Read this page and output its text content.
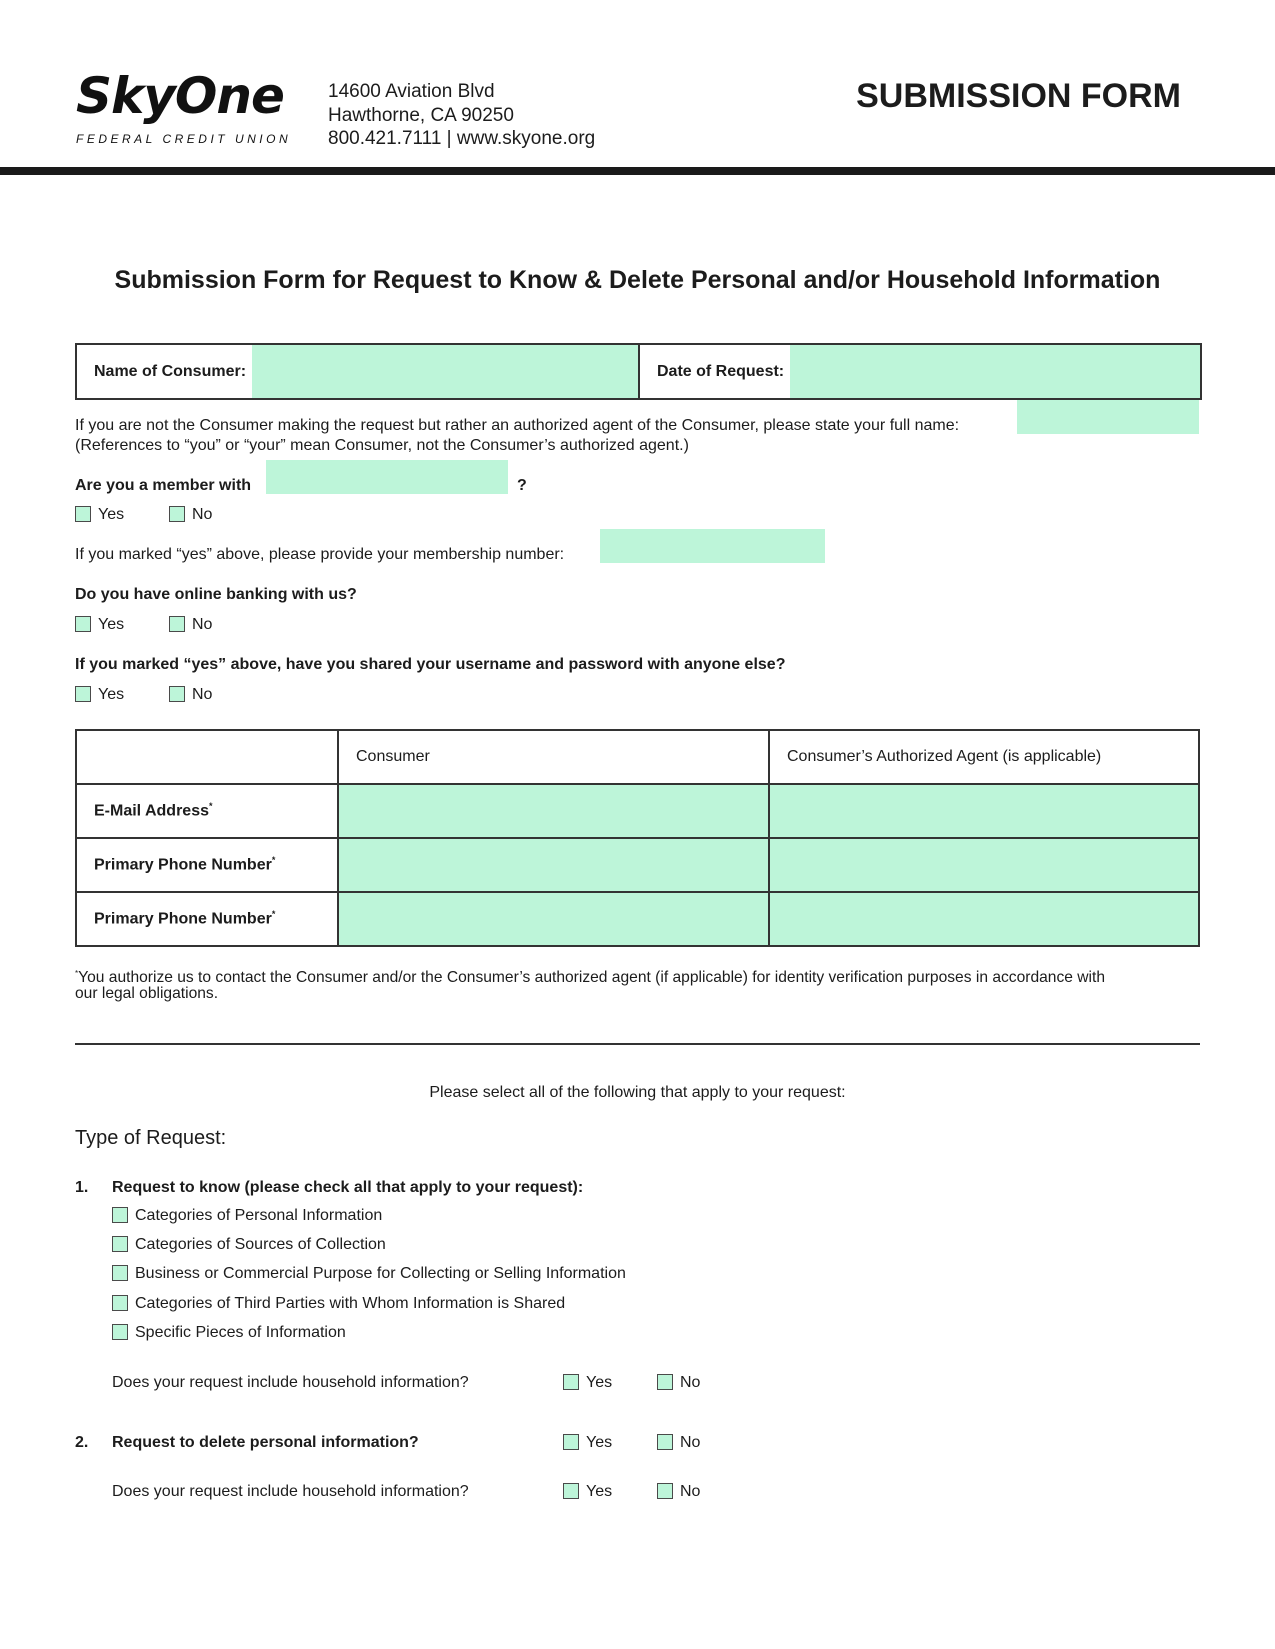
SkyOne
FEDERAL CREDIT UNION
14600 Aviation Blvd
Hawthorne, CA 90250
800.421.7111 | www.skyone.org
SUBMISSION FORM
Submission Form for Request to Know & Delete Personal and/or Household Information
Name of Consumer:	Date of Request:
If you are not the Consumer making the request but rather an authorized agent of the Consumer, please state your full name:
(References to “you” or “your” mean Consumer, not the Consumer’s authorized agent.)
Are you a member with	?
Yes	No
If you marked “yes” above, please provide your membership number:
Do you have online banking with us?
Yes	No
If you marked “yes” above, have you shared your username and password with anyone else?
Yes	No
	Consumer	Consumer’s Authorized Agent (is applicable)
E-Mail Address*		
Primary Phone Number*		
Primary Phone Number*		
*You authorize us to contact the Consumer and/or the Consumer’s authorized agent (if applicable) for identity verification purposes in accordance with
our legal obligations.
Please select all of the following that apply to your request:
Type of Request:
1. Request to know (please check all that apply to your request):
Categories of Personal Information
Categories of Sources of Collection
Business or Commercial Purpose for Collecting or Selling Information
Categories of Third Parties with Whom Information is Shared
Specific Pieces of Information
Does your request include household information?	Yes	No
2. Request to delete personal information?	Yes	No
Does your request include household information?	Yes	No
